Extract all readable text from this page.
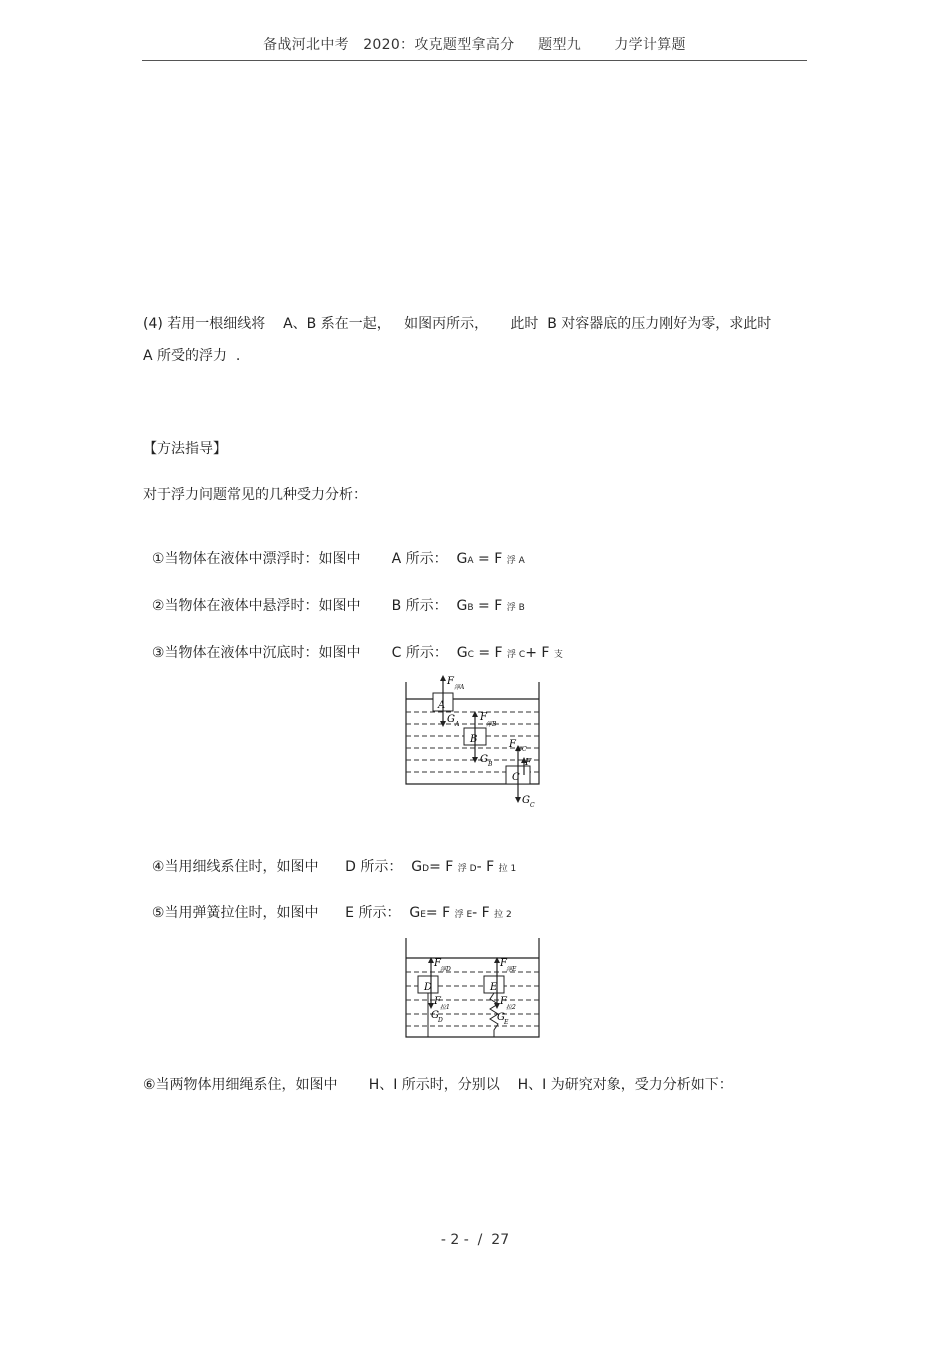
备战河北中考   2020：攻克题型拿高分     题型九       力学计算题
(4) 若用一根细线将    A、B 系在一起，   如图丙所示，     此时  B 对容器底的压力刚好为零，求此时
A 所受的浮力  .
【方法指导】
对于浮力问题常见的几种受力分析：

①当物体在液体中漂浮时：如图中       A 所示：  GA = F 浮 A

②当物体在液体中悬浮时：如图中       B 所示：  GB = F 浮 B

③当物体在液体中沉底时：如图中       C 所示：  GC = F 浮 C+ F 支

A
F
浮A
G A
B
F
浮B
G B
C
F 浮C
F
G C

④当用细线系住时，如图中      D 所示：  GD= F 浮 D- F 拉 1

⑤当用弹簧拉住时，如图中      E 所示：  GE= F 浮 E- F 拉 2

D
F
浮D
F
拉1
G D
E
F
浮E
F
拉2
G E
⑥当两物体用细绳系住，如图中       H、I 所示时，分别以    H、I 为研究对象，受力分析如下：
- 2 -  /  27
